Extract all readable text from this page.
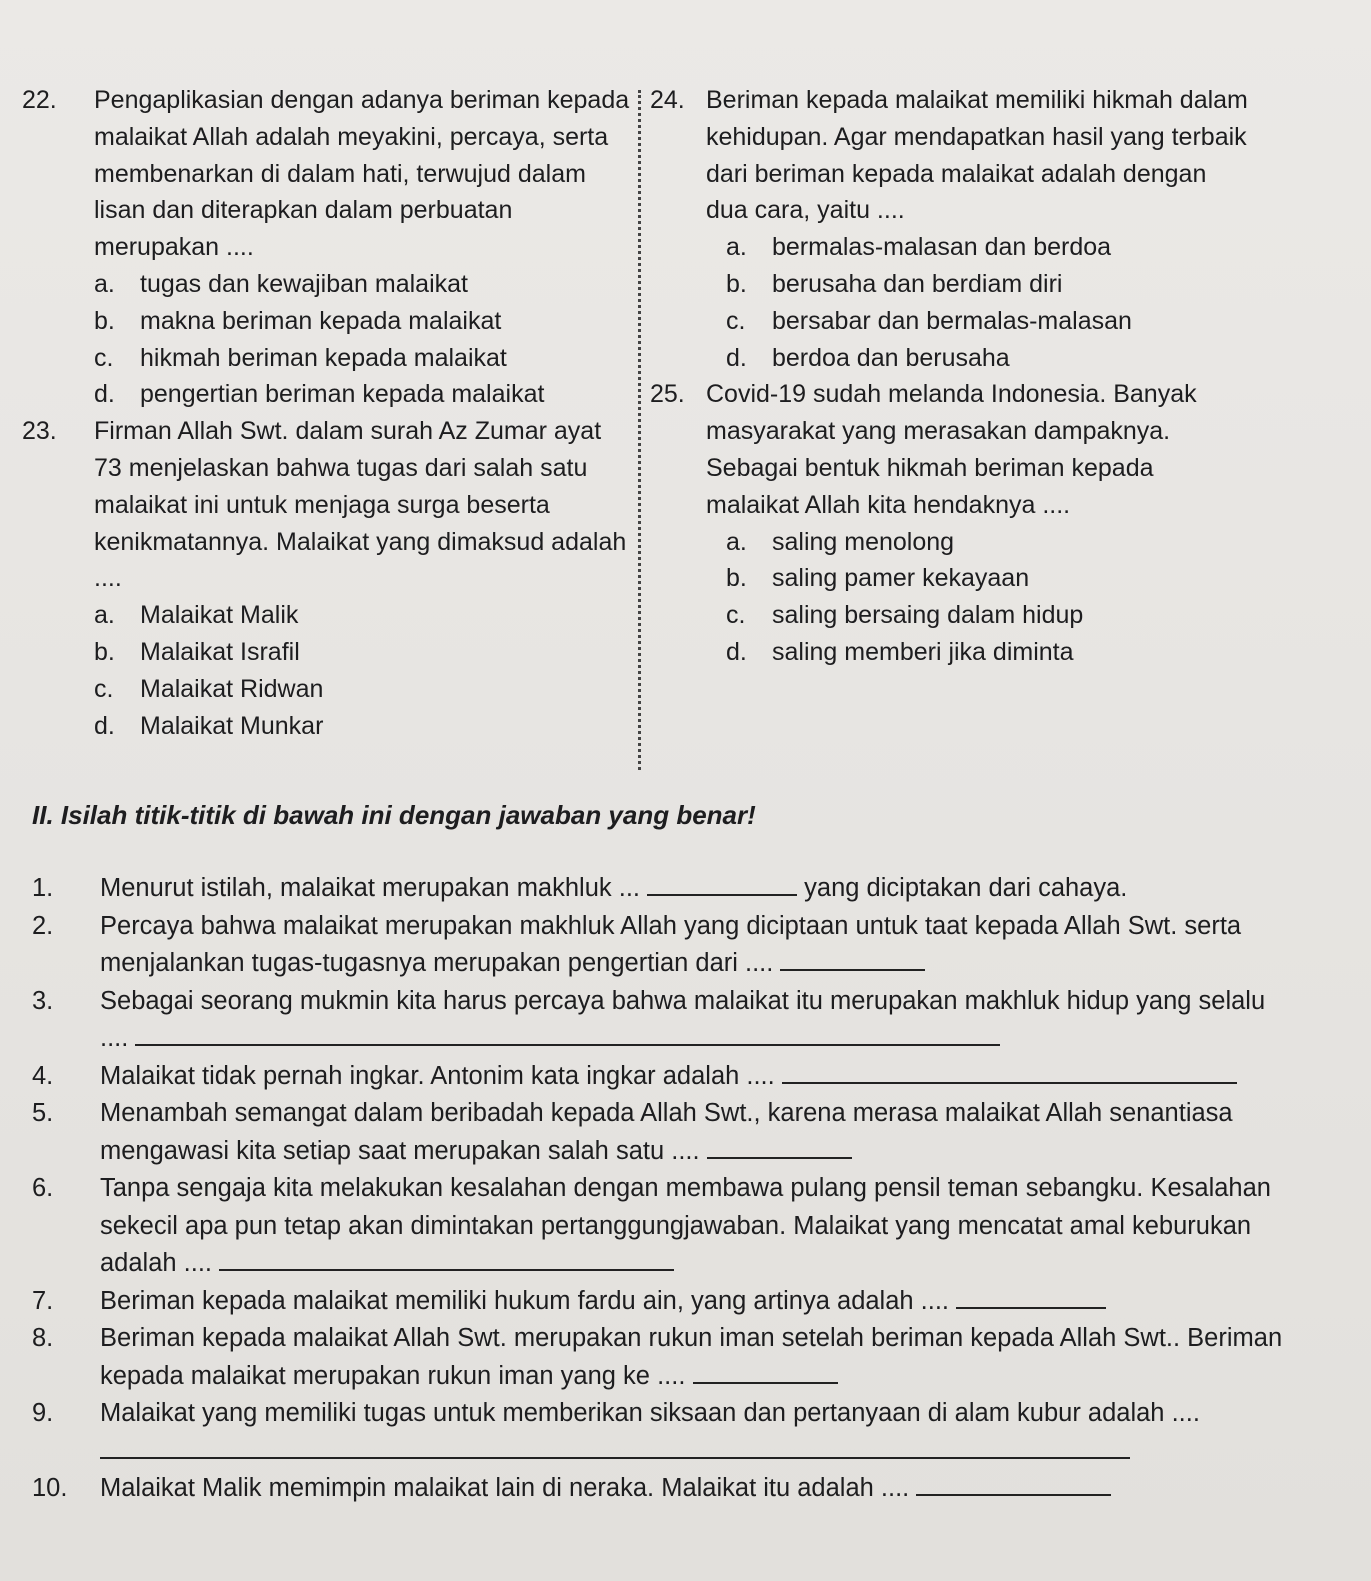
22.	Pengaplikasian dengan adanya beriman kepada malaikat Allah adalah meyakini, percaya, serta membenarkan di dalam hati, terwujud dalam lisan dan diterapkan dalam perbuatan merupakan ....
a.	tugas dan kewajiban malaikat
b.	makna beriman kepada malaikat
c.	hikmah beriman kepada malaikat
d.	pengertian beriman kepada malaikat
23.	Firman Allah Swt. dalam surah Az Zumar ayat 73 menjelaskan bahwa tugas dari salah satu malaikat ini untuk menjaga surga beserta kenikmatannya. Malaikat yang dimaksud adalah ....
a.	Malaikat Malik
b.	Malaikat Israfil
c.	Malaikat Ridwan
d.	Malaikat Munkar
24. Beriman kepada malaikat memiliki hikmah dalam kehidupan. Agar mendapatkan hasil yang terbaik dari beriman kepada malaikat adalah dengan dua cara, yaitu ....
a.	bermalas-malasan dan berdoa
b.	berusaha dan berdiam diri
c.	bersabar dan bermalas-malasan
d.	berdoa dan berusaha
25. Covid-19 sudah melanda Indonesia. Banyak masyarakat yang merasakan dampaknya. Sebagai bentuk hikmah beriman kepada malaikat Allah kita hendaknya ....
a.	saling menolong
b.	saling pamer kekayaan
c.	saling bersaing dalam hidup
d.	saling memberi jika diminta
II. Isilah titik-titik di bawah ini dengan jawaban yang benar!
1. Menurut istilah, malaikat merupakan makhluk ...	yang diciptakan dari cahaya.
2. Percaya bahwa malaikat merupakan makhluk Allah yang diciptaan untuk taat kepada Allah Swt. serta menjalankan tugas-tugasnya merupakan pengertian dari ....
3. Sebagai seorang mukmin kita harus percaya bahwa malaikat itu merupakan makhluk hidup yang selalu ....
4. Malaikat tidak pernah ingkar. Antonim kata ingkar adalah ....
5. Menambah semangat dalam beribadah kepada Allah Swt., karena merasa malaikat Allah senantiasa mengawasi kita setiap saat merupakan salah satu ....
6. Tanpa sengaja kita melakukan kesalahan dengan membawa pulang pensil teman sebangku. Kesalahan sekecil apa pun tetap akan dimintakan pertanggungjawaban. Malaikat yang mencatat amal keburukan adalah ....
7. Beriman kepada malaikat memiliki hukum fardu ain, yang artinya adalah ....
8. Beriman kepada malaikat Allah Swt. merupakan rukun iman setelah beriman kepada Allah Swt.. Beriman kepada malaikat merupakan rukun iman yang ke ....
9. Malaikat yang memiliki tugas untuk memberikan siksaan dan pertanyaan di alam kubur adalah ....
10. Malaikat Malik memimpin malaikat lain di neraka. Malaikat itu adalah ....
